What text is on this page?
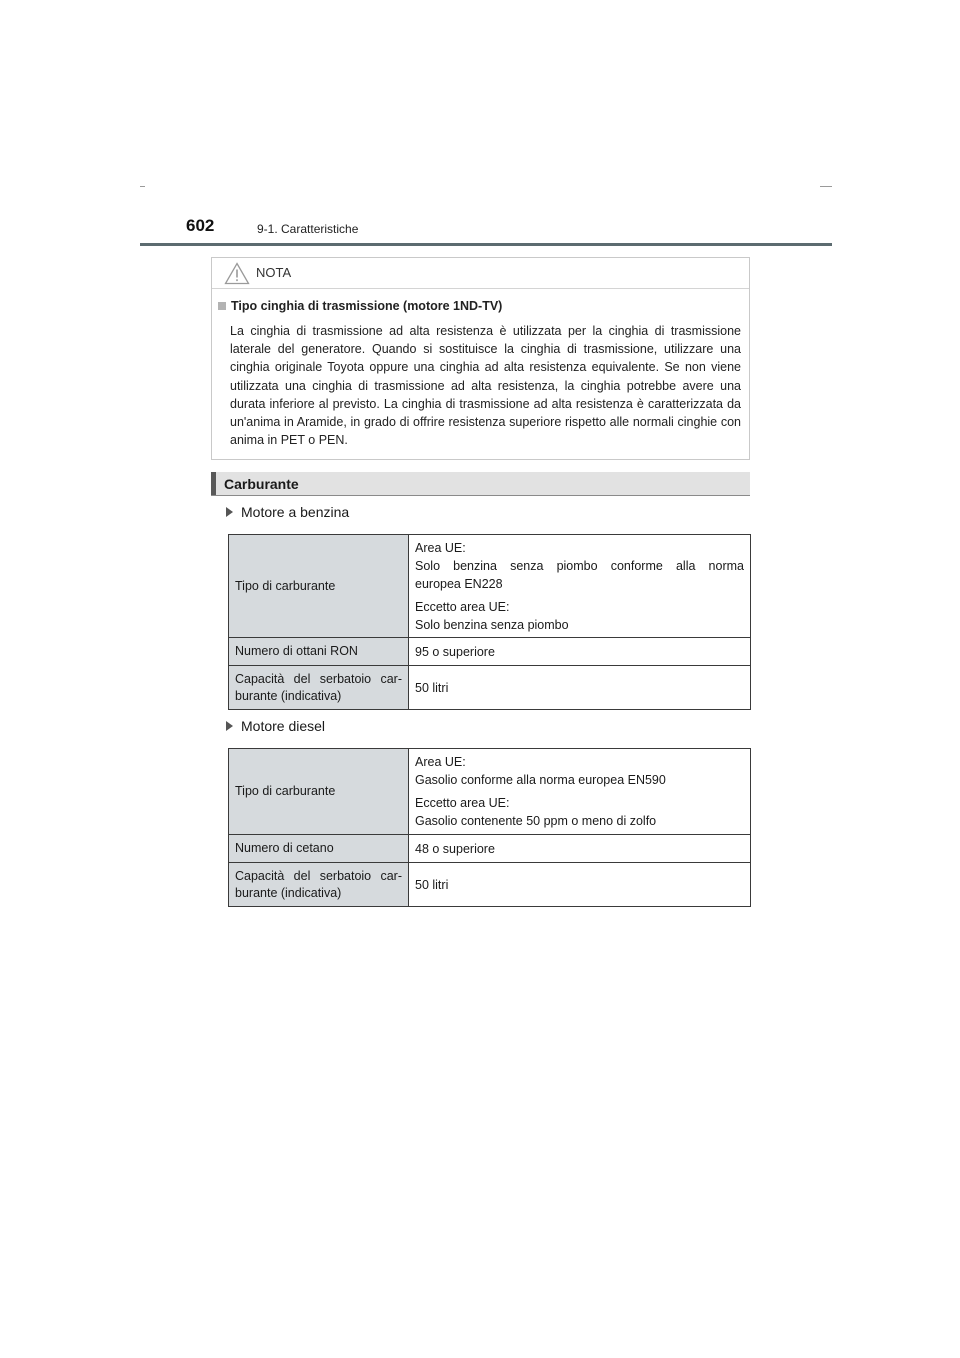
602	9-1. Caratteristiche
NOTA
Tipo cinghia di trasmissione (motore 1ND-TV)

La cinghia di trasmissione ad alta resistenza è utilizzata per la cinghia di trasmissione laterale del generatore. Quando si sostituisce la cinghia di trasmissione, utilizzare una cinghia originale Toyota oppure una cinghia ad alta resistenza equivalente. Se non viene utilizzata una cinghia di trasmissione ad alta resistenza, la cinghia potrebbe avere una durata inferiore al previsto. La cinghia di trasmissione ad alta resistenza è caratterizzata da un'anima in Aramide, in grado di offrire resistenza superiore rispetto alle normali cinghie con anima in PET o PEN.

Carburante
Motore a benzina

Tipo di carburante	Area UE:

Solo benzina senza piombo conforme alla norma

europea EN228

Eccetto area UE:

Solo benzina senza piombo

Numero di ottani RON	95 o superiore

Capacità del serbatoio car-

burante (indicativa)	50 litri

Motore diesel

Tipo di carburante	Area UE:

Gasolio conforme alla norma europea EN590

Eccetto area UE:

Gasolio contenente 50 ppm o meno di zolfo

Numero di cetano	48 o superiore

Capacità del serbatoio car-

burante (indicativa)	50 litri
